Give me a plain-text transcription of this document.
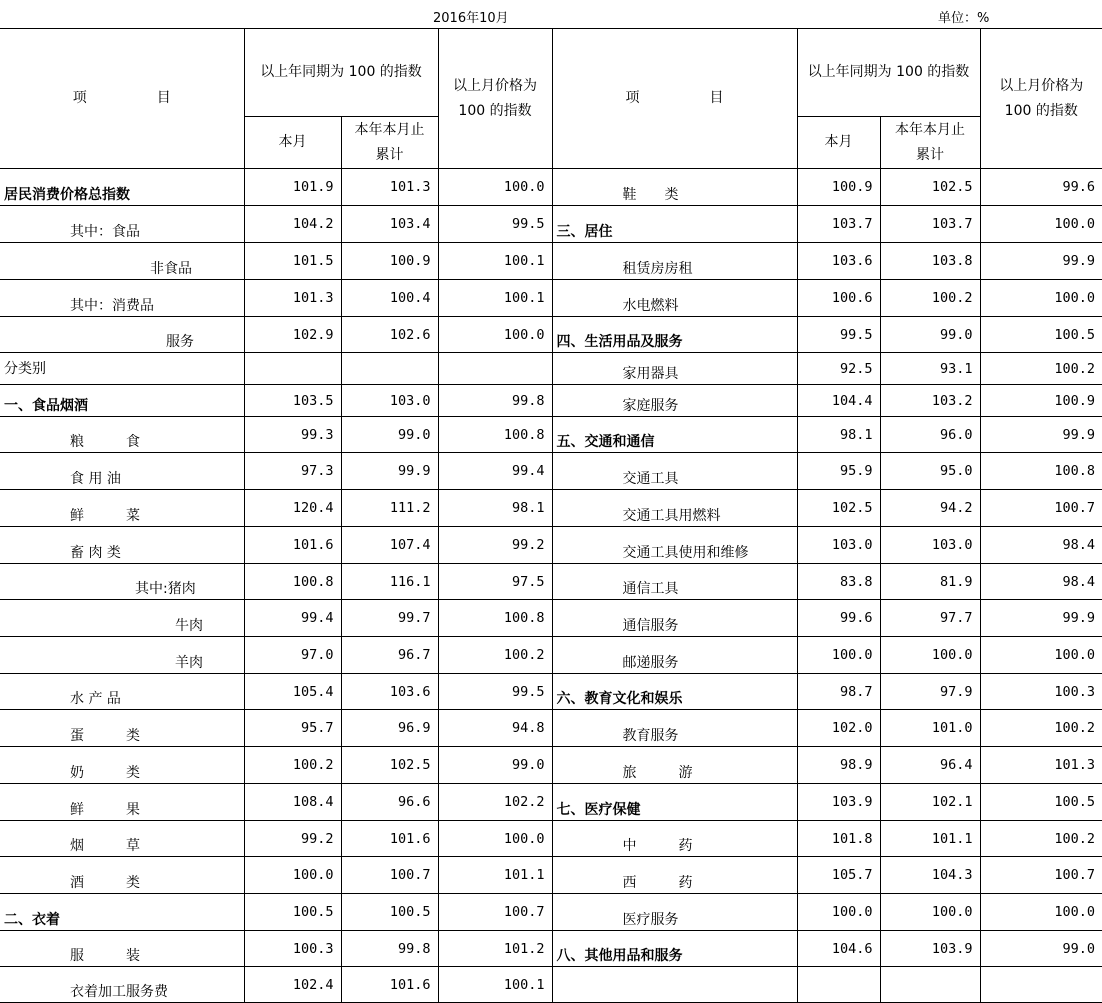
2016年10月	单位：%
项　　　　　目	以上年同期为 100 的指数		以上月价格为 100 的指数	项　　　　　目	以上年同期为 100 的指数		以上月价格为 100 的指数
	本月	本年本月止累计			本月	本年本月止累计	
居民消费价格总指数	101.9	101.3	100.0	鞋　　类	100.9	102.5	99.6
其中：食品	104.2	103.4	99.5	三、居住	103.7	103.7	100.0
非食品	101.5	100.9	100.1	租赁房房租	103.6	103.8	99.9
其中：消费品	101.3	100.4	100.1	水电燃料	100.6	100.2	100.0
服务	102.9	102.6	100.0	四、生活用品及服务	99.5	99.0	100.5
分类别				家用器具	92.5	93.1	100.2
一、食品烟酒	103.5	103.0	99.8	家庭服务	104.4	103.2	100.9
粮　　　食	99.3	99.0	100.8	五、交通和通信	98.1	96.0	99.9
食 用 油	97.3	99.9	99.4	交通工具	95.9	95.0	100.8
鲜　　　菜	120.4	111.2	98.1	交通工具用燃料	102.5	94.2	100.7
畜 肉 类	101.6	107.4	99.2	交通工具使用和维修	103.0	103.0	98.4
其中:猪肉	100.8	116.1	97.5	通信工具	83.8	81.9	98.4
牛肉	99.4	99.7	100.8	通信服务	99.6	97.7	99.9
羊肉	97.0	96.7	100.2	邮递服务	100.0	100.0	100.0
水 产 品	105.4	103.6	99.5	六、教育文化和娱乐	98.7	97.9	100.3
蛋　　　类	95.7	96.9	94.8	教育服务	102.0	101.0	100.2
奶　　　类	100.2	102.5	99.0	旅　　　游	98.9	96.4	101.3
鲜　　　果	108.4	96.6	102.2	七、医疗保健	103.9	102.1	100.5
烟　　　草	99.2	101.6	100.0	中　　　药	101.8	101.1	100.2
酒　　　类	100.0	100.7	101.1	西　　　药	105.7	104.3	100.7
二、衣着	100.5	100.5	100.7	医疗服务	100.0	100.0	100.0
服　　　装	100.3	99.8	101.2	八、其他用品和服务	104.6	103.9	99.0
衣着加工服务费	102.4	101.6	100.1				
